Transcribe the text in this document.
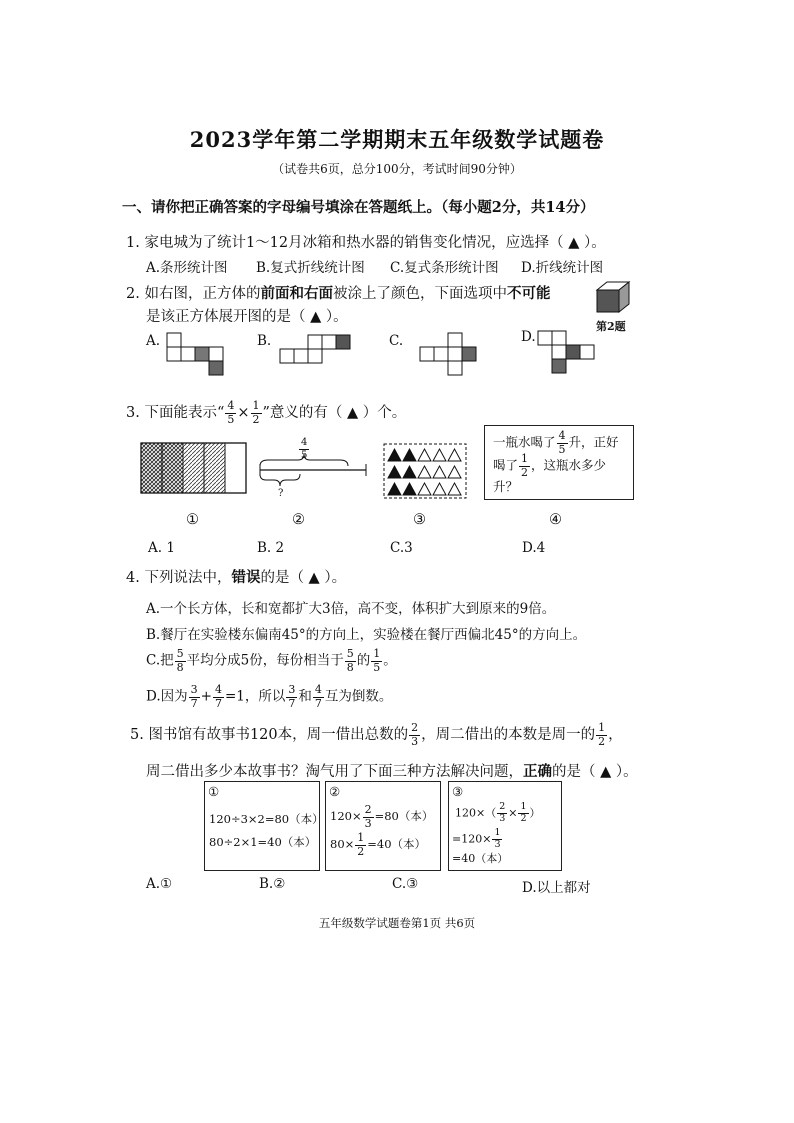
2023学年第二学期期末五年级数学试题卷
（试卷共6页，总分100分，考试时间90分钟）
一、请你把正确答案的字母编号填涂在答题纸上。（每小题2分，共14分）
1. 家电城为了统计1～12月冰箱和热水器的销售变化情况，应选择（ ▲ ）。
A.条形统计图 B.复式折线统计图 C.复式条形统计图 D.折线统计图
2. 如右图，正方体的前面和右面被涂上了颜色，下面选项中不可能
是该正方体展开图的是（ ▲ ）。
第2题
A.	B.	C.	D.
3. 下面能表示“ $\frac{4}{5} \times \frac{1}{2}$ ”意义的有（ ▲ ）个。
$\frac{4}{5}$
?
一瓶水喝了 $\frac{4}{5}$ 升，正好
喝了 $\frac{1}{2}$ ，这瓶水多少
升？
①	②	③	④
A. 1	B. 2	C.3	D.4
4. 下列说法中，错误的是（ ▲ ）。
A.一个长方体，长和宽都扩大3倍，高不变，体积扩大到原来的9倍。
B.餐厅在实验楼东偏南45°的方向上，实验楼在餐厅西偏北45°的方向上。
C.把 $\frac{5}{8}$ 平均分成5份，每份相当于 $\frac{5}{8}$ 的 $\frac{1}{5}$ 。
D.因为 $\frac{3}{7} + \frac{4}{7} =1$，所以 $\frac{3}{7}$ 和 $\frac{4}{7}$ 互为倒数。
5. 图书馆有故事书120本，周一借出总数的 $\frac{2}{3}$ ，周二借出的本数是周一的 $\frac{1}{2}$ ，
周二借出多少本故事书？淘气用了下面三种方法解决问题，正确的是（ ▲ ）。
①
120÷3×2=80（本）
80÷2×1=40（本）
②
$120\times \frac{2}{3} =80$（本）
$80\times \frac{1}{2} =40$（本）
③
$120\times( \frac{2}{3} \times \frac{1}{2}$ ）
$=120\times \frac{1}{3}$
=40（本）
A.①	B.②	C.③	D.以上都对
五年级数学试题卷第1页 共6页
